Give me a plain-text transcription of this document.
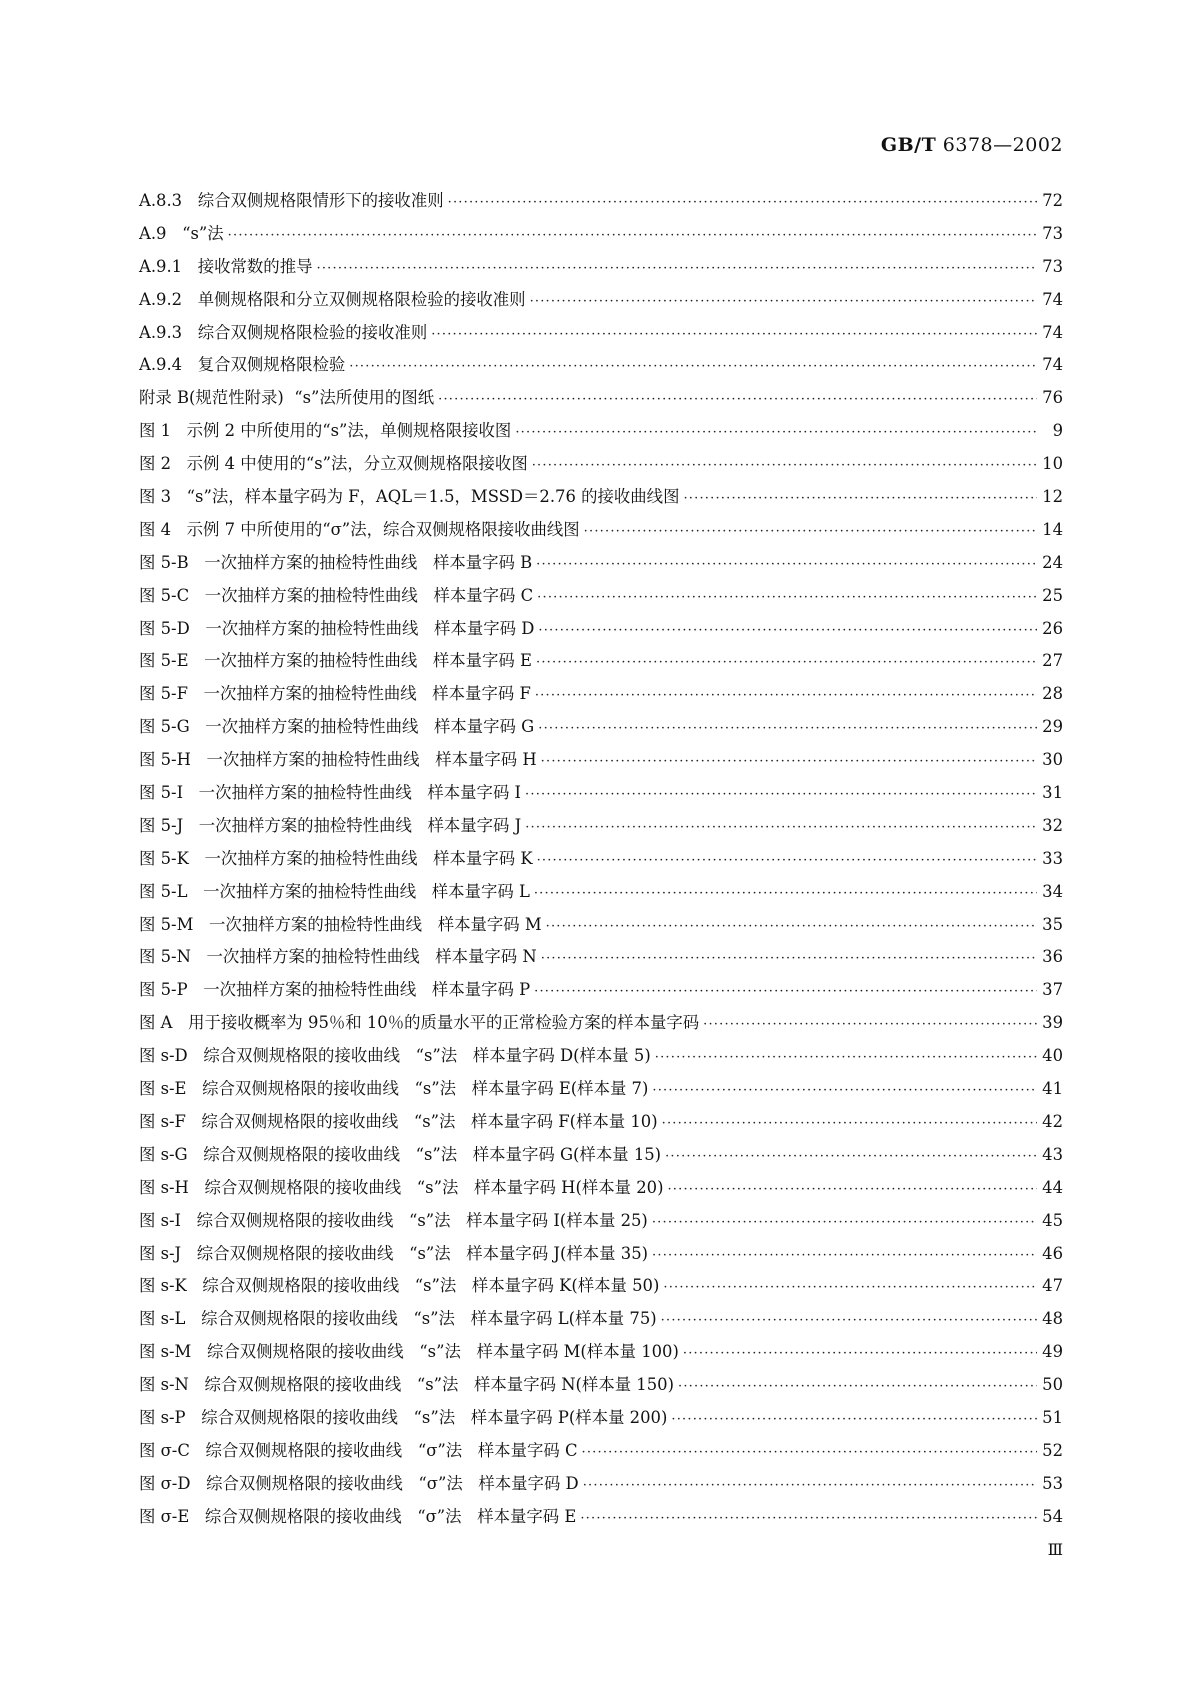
GB/T 6378—2002
A.8.3   综合双侧规格限情形下的接收准则 ·····	72
A.9   “s”法 ·····	73
A.9.1   接收常数的推导 ·····	73
A.9.2   单侧规格限和分立双侧规格限检验的接收准则 ·····	74
A.9.3   综合双侧规格限检验的接收准则 ·····	74
A.9.4   复合双侧规格限检验 ·····	74
附录 B(规范性附录)  “s”法所使用的图纸 ·····	76
图 1   示例 2 中所使用的“s”法，单侧规格限接收图 ·····	9
图 2   示例 4 中使用的“s”法，分立双侧规格限接收图 ·····	10
图 3   “s”法，样本量字码为 F，AQL＝1.5，MSSD＝2.76 的接收曲线图 ·····	12
图 4   示例 7 中所使用的“σ”法，综合双侧规格限接收曲线图 ·····	14
图 5-B   一次抽样方案的抽检特性曲线   样本量字码 B ·····	24
图 5-C   一次抽样方案的抽检特性曲线   样本量字码 C ·····	25
图 5-D   一次抽样方案的抽检特性曲线   样本量字码 D ·····	26
图 5-E   一次抽样方案的抽检特性曲线   样本量字码 E ·····	27
图 5-F   一次抽样方案的抽检特性曲线   样本量字码 F ·····	28
图 5-G   一次抽样方案的抽检特性曲线   样本量字码 G ·····	29
图 5-H   一次抽样方案的抽检特性曲线   样本量字码 H ·····	30
图 5-I   一次抽样方案的抽检特性曲线   样本量字码 I ·····	31
图 5-J   一次抽样方案的抽检特性曲线   样本量字码 J ·····	32
图 5-K   一次抽样方案的抽检特性曲线   样本量字码 K ·····	33
图 5-L   一次抽样方案的抽检特性曲线   样本量字码 L ·····	34
图 5-M   一次抽样方案的抽检特性曲线   样本量字码 M ·····	35
图 5-N   一次抽样方案的抽检特性曲线   样本量字码 N ·····	36
图 5-P   一次抽样方案的抽检特性曲线   样本量字码 P ·····	37
图 A   用于接收概率为 95％和 10％的质量水平的正常检验方案的样本量字码 ·····	39
图 s-D   综合双侧规格限的接收曲线   “s”法   样本量字码 D(样本量 5) ·····	40
图 s-E   综合双侧规格限的接收曲线   “s”法   样本量字码 E(样本量 7) ·····	41
图 s-F   综合双侧规格限的接收曲线   “s”法   样本量字码 F(样本量 10) ·····	42
图 s-G   综合双侧规格限的接收曲线   “s”法   样本量字码 G(样本量 15) ·····	43
图 s-H   综合双侧规格限的接收曲线   “s”法   样本量字码 H(样本量 20) ·····	44
图 s-I   综合双侧规格限的接收曲线   “s”法   样本量字码 I(样本量 25) ·····	45
图 s-J   综合双侧规格限的接收曲线   “s”法   样本量字码 J(样本量 35) ·····	46
图 s-K   综合双侧规格限的接收曲线   “s”法   样本量字码 K(样本量 50) ·····	47
图 s-L   综合双侧规格限的接收曲线   “s”法   样本量字码 L(样本量 75) ·····	48
图 s-M   综合双侧规格限的接收曲线   “s”法   样本量字码 M(样本量 100) ·····	49
图 s-N   综合双侧规格限的接收曲线   “s”法   样本量字码 N(样本量 150) ·····	50
图 s-P   综合双侧规格限的接收曲线   “s”法   样本量字码 P(样本量 200) ·····	51
图 σ-C   综合双侧规格限的接收曲线   “σ”法   样本量字码 C ·····	52
图 σ-D   综合双侧规格限的接收曲线   “σ”法   样本量字码 D ·····	53
图 σ-E   综合双侧规格限的接收曲线   “σ”法   样本量字码 E ·····	54
Ⅲ
